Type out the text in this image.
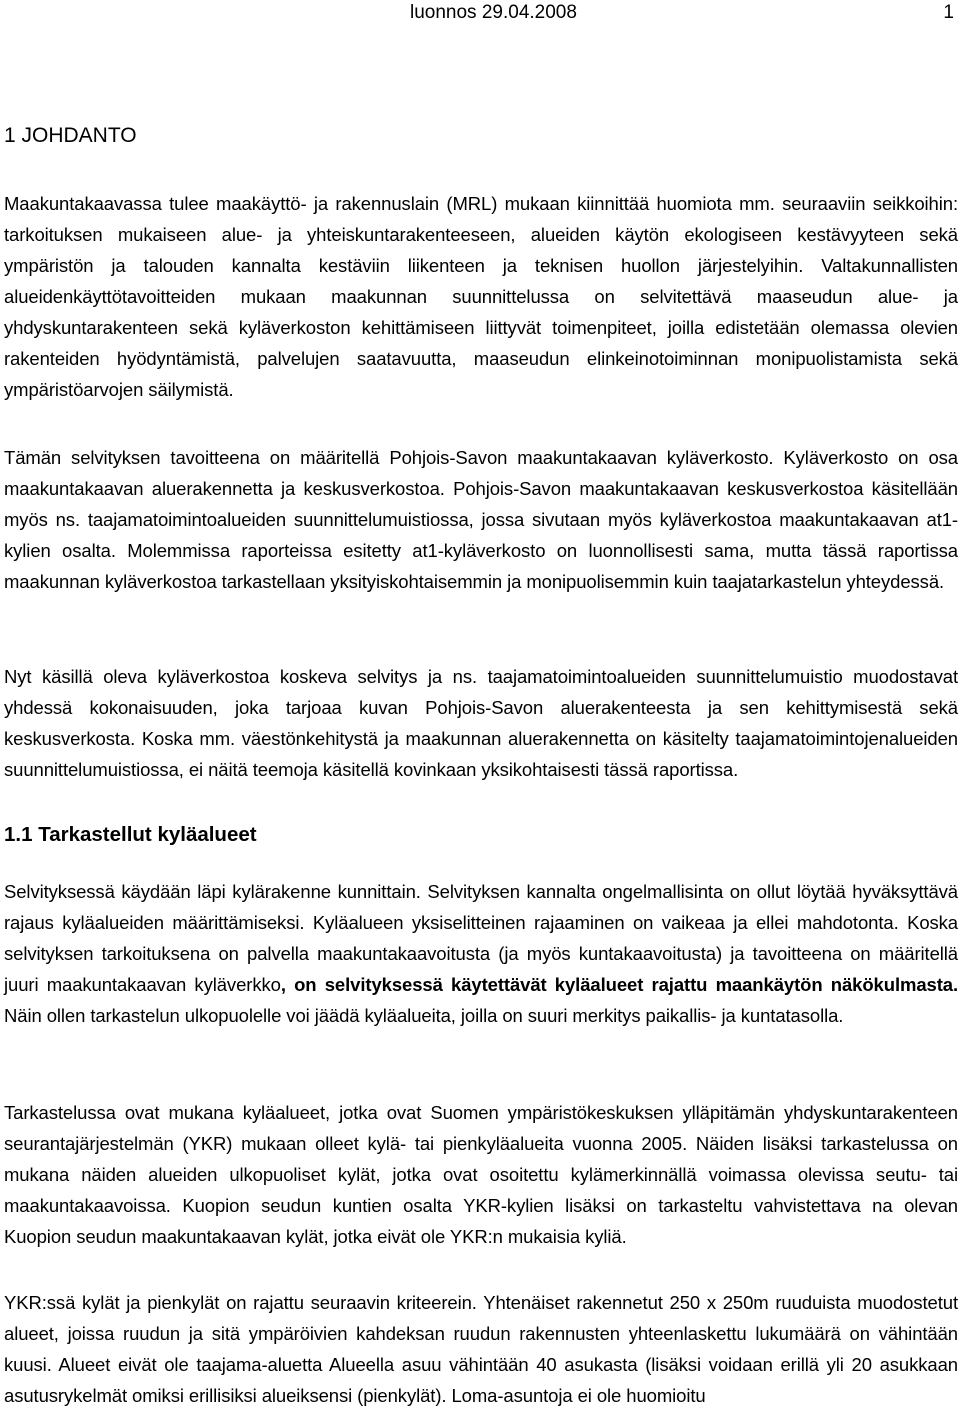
luonnos 29.04.2008	1
1 JOHDANTO

Maakuntakaavassa tulee maakäyttö- ja rakennuslain (MRL) mukaan kiinnittää huomiota mm. seuraaviin seikkoihin: tarkoituksen mukaiseen alue- ja yhteiskuntarakenteeseen, alueiden käytön ekologiseen kestävyyteen sekä ympäristön ja talouden kannalta kestäviin liikenteen ja teknisen huollon järjestelyihin. Valtakunnallisten alueidenkäyttötavoitteiden mukaan maakunnan suunnittelussa on selvitettävä maaseudun alue- ja yhdyskuntarakenteen sekä kyläverkoston kehittämiseen liittyvät toimenpiteet, joilla edistetään olemassa olevien rakenteiden hyödyntämistä, palvelujen saatavuutta, maaseudun elinkeinotoiminnan monipuolistamista sekä ympäristöarvojen säilymistä.

Tämän selvityksen tavoitteena on määritellä Pohjois-Savon maakuntakaavan kyläverkosto. Kyläverkosto on osa maakuntakaavan aluerakennetta ja keskusverkostoa. Pohjois-Savon maakuntakaavan keskusverkostoa käsitellään myös ns. taajamatoimintoalueiden suunnittelumuistiossa, jossa sivutaan myös kyläverkostoa maakuntakaavan at1-kylien osalta. Molemmissa raporteissa esitetty at1-kyläverkosto on luonnollisesti sama, mutta tässä raportissa maakunnan kyläverkostoa tarkastellaan yksityiskohtaisemmin ja monipuolisemmin kuin taajatarkastelun yhteydessä.

Nyt käsillä oleva kyläverkostoa koskeva selvitys ja ns. taajamatoimintoalueiden suunnittelumuistio muodostavat yhdessä kokonaisuuden, joka tarjoaa kuvan Pohjois-Savon aluerakenteesta ja sen kehittymisestä sekä keskusverkosta. Koska mm. väestönkehitystä ja maakunnan aluerakennetta on käsitelty taajamatoimintojenalueiden suunnittelumuistiossa, ei näitä teemoja käsitellä kovinkaan yksikohtaisesti tässä raportissa.

1.1 Tarkastellut kyläalueet

Selvityksessä käydään läpi kylärakenne kunnittain. Selvityksen kannalta ongelmallisinta on ollut löytää hyväksyttävä rajaus kyläalueiden määrittämiseksi. Kyläalueen yksiselitteinen rajaaminen on vaikeaa ja ellei mahdotonta. Koska selvityksen tarkoituksena on palvella maakuntakaavoitusta (ja myös kuntakaavoitusta) ja tavoitteena on määritellä juuri maakuntakaavan kyläverkko, on selvityksessä käytettävät kyläalueet rajattu maankäytön näkökulmasta. Näin ollen tarkastelun ulkopuolelle voi jäädä kyläalueita, joilla on suuri merkitys paikallis- ja kuntatasolla.

Tarkastelussa ovat mukana kyläalueet, jotka ovat Suomen ympäristökeskuksen ylläpitämän yhdyskuntarakenteen seurantajärjestelmän (YKR) mukaan olleet kylä- tai pienkyläalueita vuonna 2005. Näiden lisäksi tarkastelussa on mukana näiden alueiden ulkopuoliset kylät, jotka ovat osoitettu kylämerkinnällä voimassa olevissa seutu- tai maakuntakaavoissa. Kuopion seudun kuntien osalta YKR-kylien lisäksi on tarkasteltu vahvistettava na olevan Kuopion seudun maakuntakaavan kylät, jotka eivät ole YKR:n mukaisia kyliä.

YKR:ssä kylät ja pienkylät on rajattu seuraavin kriteerein. Yhtenäiset rakennetut 250 x 250m ruuduista muodostetut alueet, joissa ruudun ja sitä ympäröivien kahdeksan ruudun rakennusten yhteenlaskettu lukumäärä on vähintään kuusi. Alueet eivät ole taajama-aluetta Alueella asuu vähintään 40 asukasta (lisäksi voidaan erillä yli 20 asukkaan asutusrykelmät omiksi erillisiksi alueiksensi (pienkylät). Loma-asuntoja ei ole huomioitu
